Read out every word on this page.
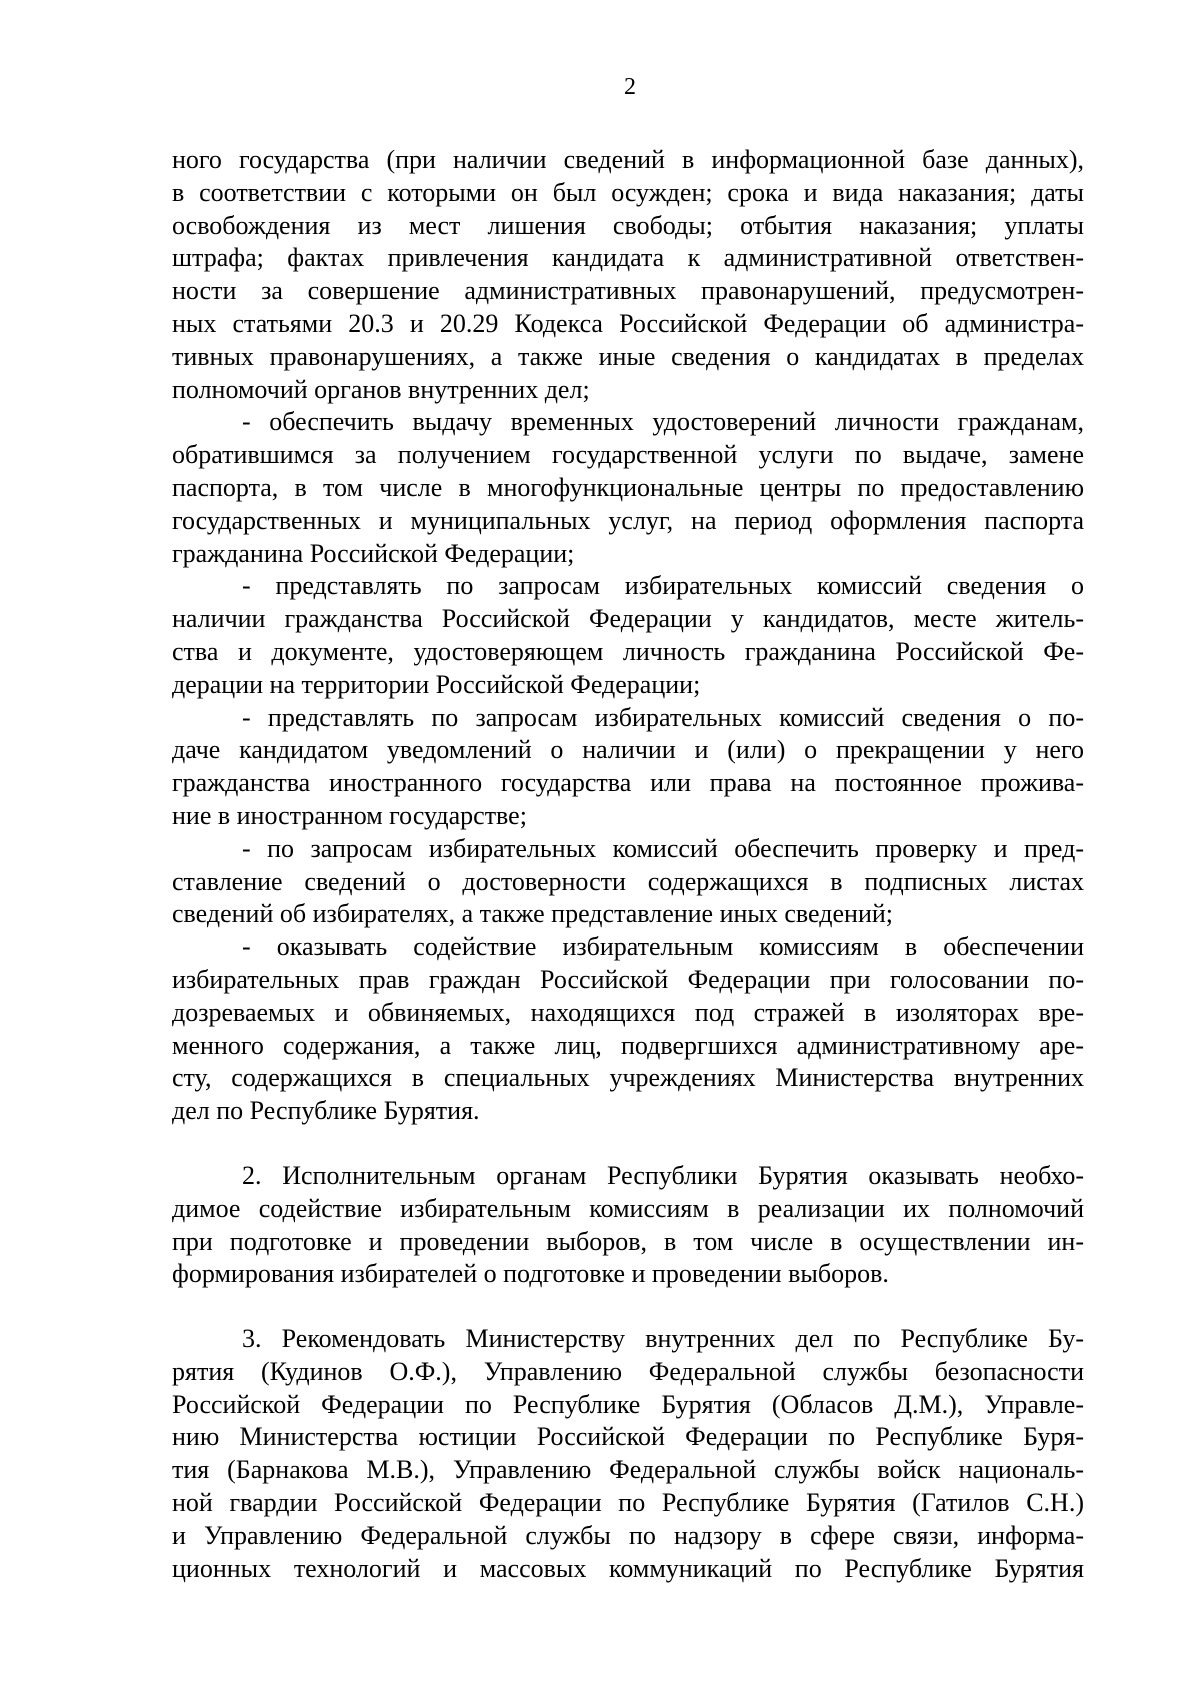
2
ного государства (при наличии сведений в информационной базе данных),
в соответствии с которыми он был осужден; срока и вида наказания; даты
освобождения из мест лишения свободы; отбытия наказания; уплаты
штрафа; фактах привлечения кандидата к административной ответствен-
ности за совершение административных правонарушений, предусмотрен-
ных статьями 20.3 и 20.29 Кодекса Российской Федерации об администра-
тивных правонарушениях, а также иные сведения о кандидатах в пределах
полномочий органов внутренних дел;
- обеспечить выдачу временных удостоверений личности гражданам,
обратившимся за получением государственной услуги по выдаче, замене
паспорта, в том числе в многофункциональные центры по предоставлению
государственных и муниципальных услуг, на период оформления паспорта
гражданина Российской Федерации;
- представлять по запросам избирательных комиссий сведения о
наличии гражданства Российской Федерации у кандидатов, месте житель-
ства и документе, удостоверяющем личность гражданина Российской Фе-
дерации на территории Российской Федерации;
- представлять по запросам избирательных комиссий сведения о по-
даче кандидатом уведомлений о наличии и (или) о прекращении у него
гражданства иностранного государства или права на постоянное прожива-
ние в иностранном государстве;
- по запросам избирательных комиссий обеспечить проверку и пред-
ставление сведений о достоверности содержащихся в подписных листах
сведений об избирателях, а также представление иных сведений;
- оказывать содействие избирательным комиссиям в обеспечении
избирательных прав граждан Российской Федерации при голосовании по-
дозреваемых и обвиняемых, находящихся под стражей в изоляторах вре-
менного содержания, а также лиц, подвергшихся административному аре-
сту, содержащихся в специальных учреждениях Министерства внутренних
дел по Республике Бурятия.
2. Исполнительным органам Республики Бурятия оказывать необхо-
димое содействие избирательным комиссиям в реализации их полномочий
при подготовке и проведении выборов, в том числе в осуществлении ин-
формирования избирателей о подготовке и проведении выборов.
3. Рекомендовать Министерству внутренних дел по Республике Бу-
рятия (Кудинов О.Ф.), Управлению Федеральной службы безопасности
Российской Федерации по Республике Бурятия (Обласов Д.М.), Управле-
нию Министерства юстиции Российской Федерации по Республике Буря-
тия (Барнакова М.В.), Управлению Федеральной службы войск националь-
ной гвардии Российской Федерации по Республике Бурятия (Гатилов С.Н.)
и Управлению Федеральной службы по надзору в сфере связи, информа-
ционных технологий и массовых коммуникаций по Республике Бурятия
